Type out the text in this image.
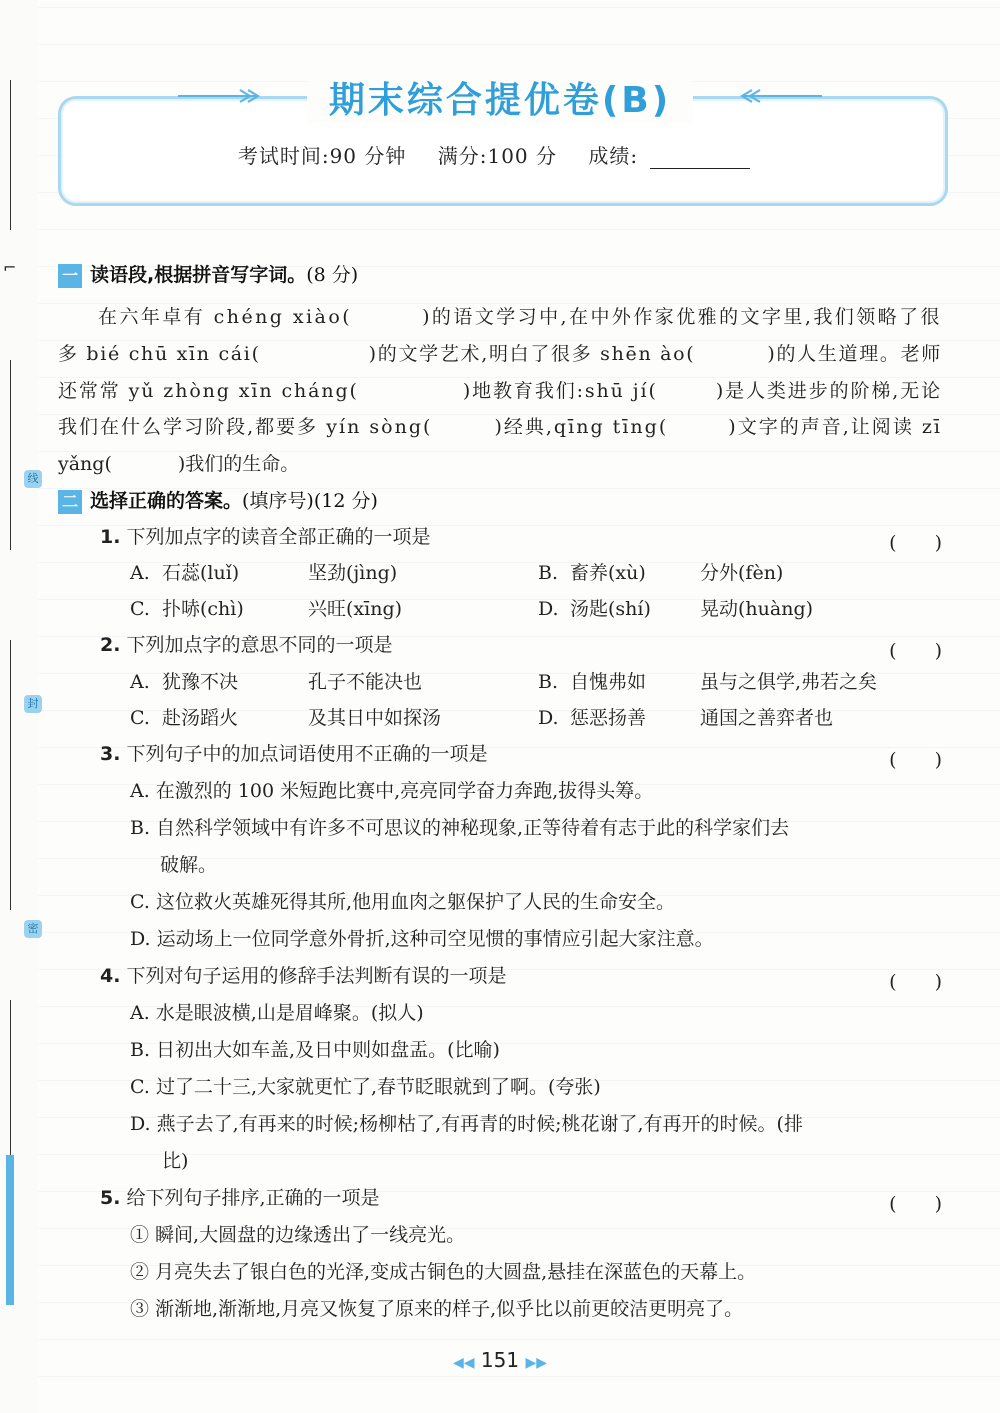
⌐
线
封
密
期末综合提优卷(B)
考试时间:90 分钟 满分:100 分 成绩:
一 读语段,根据拼音写字词。(8 分)
在六年卓有 chéng xiào(	)的语文学习中,在中外作家优雅的文字里,我们领略了很
多 bié chū xīn cái(	)的文学艺术,明白了很多 shēn ào(	)的人生道理。老师
还常常 yǔ zhòng xīn cháng(	)地教育我们:shū jí(	)是人类进步的阶梯,无论
我们在什么学习阶段,都要多 yín sòng(	)经典,qīng tīng(	)文字的声音,让阅读 zī
yǎng(	)我们的生命。
二 选择正确的答案。(填序号)(12 分)
1. 下列加点字的读音全部正确的一项是	(　　)
A. 石蕊(luǐ)	坚劲(jìng)	B. 畜养(xù)	分外(fèn)
C. 扑哧(chì)	兴旺(xīng)	D. 汤匙(shí)	晃动(huàng)
2. 下列加点字的意思不同的一项是	(　　)
A. 犹豫不决	孔子不能决也	B. 自愧弗如	虽与之俱学,弗若之矣
C. 赴汤蹈火	及其日中如探汤	D. 惩恶扬善	通国之善弈者也
3. 下列句子中的加点词语使用不正确的一项是	(　　)
A. 在激烈的 100 米短跑比赛中,亮亮同学奋力奔跑,拔得头筹。
B. 自然科学领域中有许多不可思议的神秘现象,正等待着有志于此的科学家们去
破解。
C. 这位救火英雄死得其所,他用血肉之躯保护了人民的生命安全。
D. 运动场上一位同学意外骨折,这种司空见惯的事情应引起大家注意。
4. 下列对句子运用的修辞手法判断有误的一项是	(　　)
A. 水是眼波横,山是眉峰聚。(拟人)
B. 日初出大如车盖,及日中则如盘盂。(比喻)
C. 过了二十三,大家就更忙了,春节眨眼就到了啊。(夸张)
D. 燕子去了,有再来的时候;杨柳枯了,有再青的时候;桃花谢了,有再开的时候。(排
比)
5. 给下列句子排序,正确的一项是	(　　)
① 瞬间,大圆盘的边缘透出了一线亮光。
② 月亮失去了银白色的光泽,变成古铜色的大圆盘,悬挂在深蓝色的天幕上。
③ 渐渐地,渐渐地,月亮又恢复了原来的样子,似乎比以前更皎洁更明亮了。
◀◀ 151 ▶▶
